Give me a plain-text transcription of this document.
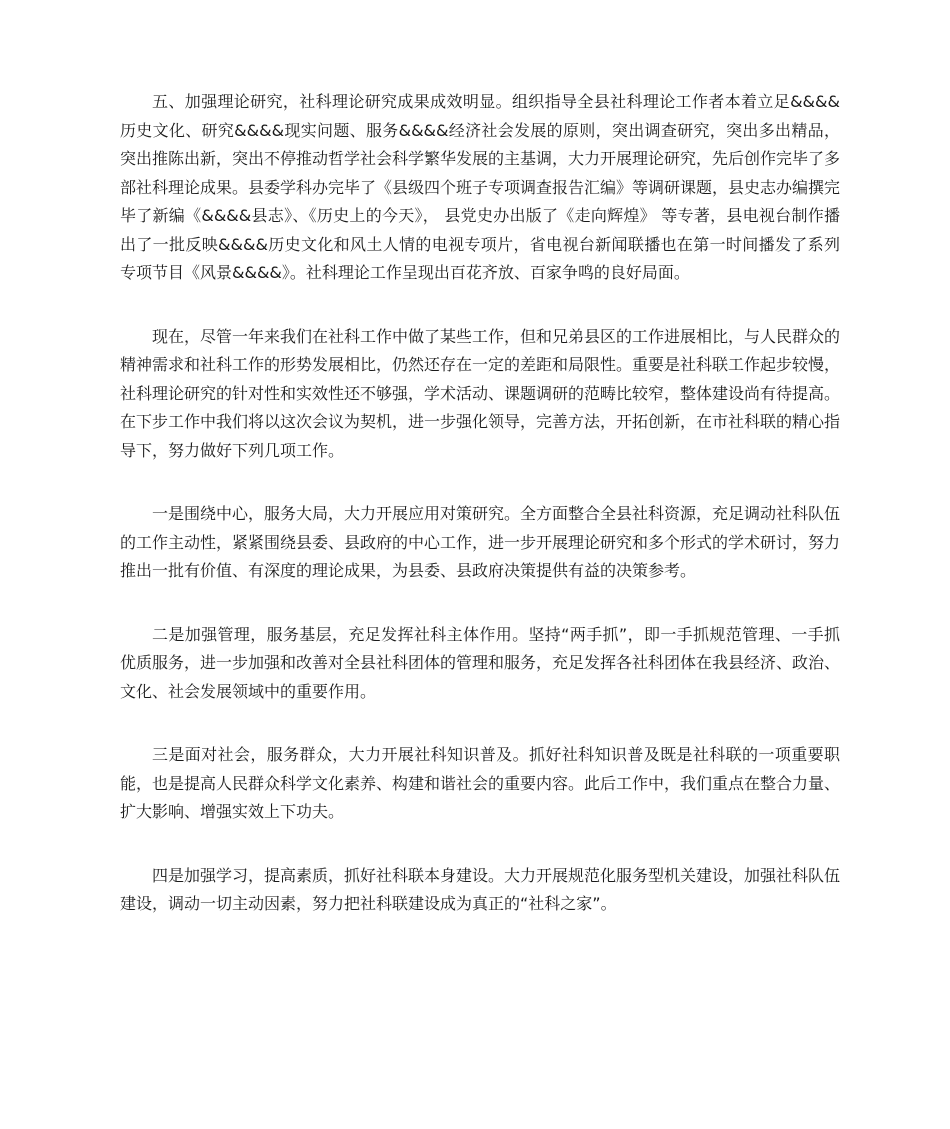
五、加强理论研究，社科理论研究成果成效明显。组织指导全县社科理论工作者本着立足&&&&历史文化、研究&&&&现实问题、服务&&&&经济社会发展的原则，突出调查研究，突出多出精品，突出推陈出新，突出不停推动哲学社会科学繁华发展的主基调，大力开展理论研究，先后创作完毕了多部社科理论成果。县委学科办完毕了《县级四个班子专项调查报告汇编》等调研课题，县史志办编撰完毕了新编《&&&&县志》、《历史上的今天》， 县党史办出版了《走向辉煌》 等专著，县电视台制作播出了一批反映&&&&历史文化和风土人情的电视专项片，省电视台新闻联播也在第一时间播发了系列专项节目《风景&&&&》。社科理论工作呈现出百花齐放、百家争鸣的良好局面。

现在，尽管一年来我们在社科工作中做了某些工作，但和兄弟县区的工作进展相比，与人民群众的精神需求和社科工作的形势发展相比，仍然还存在一定的差距和局限性。重要是社科联工作起步较慢，社科理论研究的针对性和实效性还不够强，学术活动、课题调研的范畴比较窄，整体建设尚有待提高。在下步工作中我们将以这次会议为契机，进一步强化领导，完善方法，开拓创新，在市社科联的精心指导下，努力做好下列几项工作。

一是围绕中心，服务大局，大力开展应用对策研究。全方面整合全县社科资源，充足调动社科队伍的工作主动性，紧紧围绕县委、县政府的中心工作，进一步开展理论研究和多个形式的学术研讨，努力推出一批有价值、有深度的理论成果，为县委、县政府决策提供有益的决策参考。

二是加强管理，服务基层，充足发挥社科主体作用。坚持“两手抓”，即一手抓规范管理、一手抓优质服务，进一步加强和改善对全县社科团体的管理和服务，充足发挥各社科团体在我县经济、政治、文化、社会发展领域中的重要作用。

三是面对社会，服务群众，大力开展社科知识普及。抓好社科知识普及既是社科联的一项重要职能，也是提高人民群众科学文化素养、构建和谐社会的重要内容。此后工作中，我们重点在整合力量、扩大影响、增强实效上下功夫。

四是加强学习，提高素质，抓好社科联本身建设。大力开展规范化服务型机关建设，加强社科队伍建设，调动一切主动因素，努力把社科联建设成为真正的“社科之家”。
